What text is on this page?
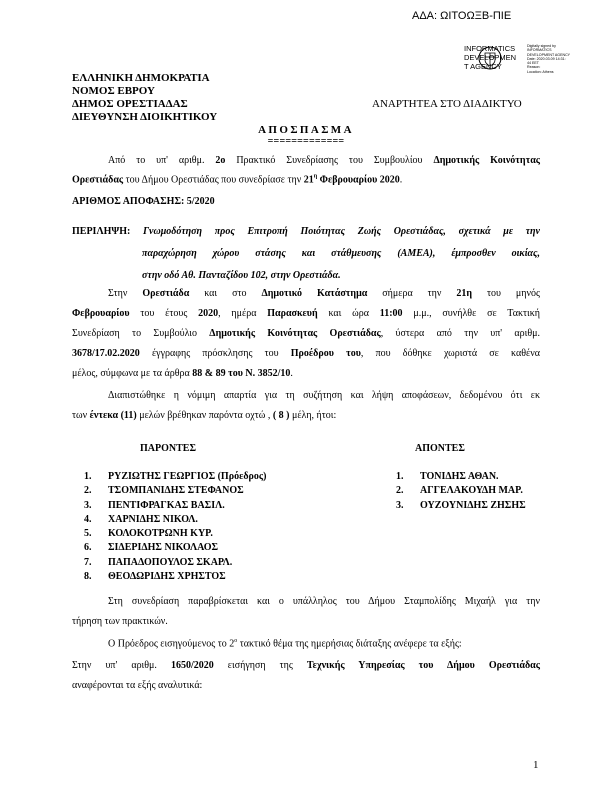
ΑΔΑ: ΩΙΤΟΩΞΒ-ΠΙΕ
INFORMATICS
DEVELOPMEN
T AGENCY
Digitally signed by
INFORMATICS
DEVELOPMENT AGENCY
Date: 2020.03.09 14:31:
44 EET
Reason:
Location: Athens
ΕΛΛΗΝΙΚΗ ΔΗΜΟΚΡΑΤΙΑ
ΝΟΜΟΣ ΕΒΡΟΥ
ΔΗΜΟΣ ΟΡΕΣΤΙΑΔΑΣ
ΔΙΕΥΘΥΝΣΗ ΔΙΟΙΚΗΤΙΚΟΥ
ΑΝΑΡΤΗΤΕΑ ΣΤΟ ΔΙΑΔΙΚΤΥΟ
ΑΠΟΣΠΑΣΜΑ
=============
Από το υπ' αριθμ. 2ο Πρακτικό Συνεδρίασης του Συμβουλίου Δημοτικής Κοινότητας
Ορεστιάδας του Δήμου Ορεστιάδας που συνεδρίασε την $21^\eta$ Φεβρουαρίου 2020.
ΑΡΙΘΜΟΣ ΑΠΟΦΑΣΗΣ: 5/2020
ΠΕΡΙΛΗΨΗ: Γνωμοδότηση προς Επιτροπή Ποιότητας Ζωής Ορεστιάδας, σχετικά με την
παραχώρηση χώρου στάσης και στάθμευσης (ΑΜΕΑ), έμπροσθεν οικίας,
στην οδό Αθ. Πανταζίδου 102, στην Ορεστιάδα.
Στην Ορεστιάδα και στο Δημοτικό Κατάστημα σήμερα την 21η του μηνός
Φεβρουαρίου του έτους 2020, ημέρα Παρασκευή και ώρα 11:00 μ.μ., συνήλθε σε Τακτική
Συνεδρίαση το Συμβούλιο Δημοτικής Κοινότητας Ορεστιάδας, ύστερα από την υπ' αριθμ.
3678/17.02.2020 έγγραφης πρόσκλησης του Προέδρου του, που δόθηκε χωριστά σε καθένα
μέλος, σύμφωνα με τα άρθρα 88 & 89 του Ν. 3852/10.
Διαπιστώθηκε η νόμιμη απαρτία για τη συζήτηση και λήψη αποφάσεων, δεδομένου ότι εκ
των έντεκα (11) μελών βρέθηκαν παρόντα οχτώ , ( 8 ) μέλη, ήτοι:
ΠΑΡΟΝΤΕΣ	ΑΠΟΝΤΕΣ
1. ΡΥΖΙΩΤΗΣ ΓΕΩΡΓΙΟΣ (Πρόεδρος)
2. ΤΣΟΜΠΑΝΙΔΗΣ ΣΤΕΦΑΝΟΣ
3. ΠΕΝΤΙΦΡΑΓΚΑΣ ΒΑΣΙΛ.
4. ΧΑΡΝΙΔΗΣ ΝΙΚΟΛ.
5. ΚΟΛΟΚΟΤΡΩΝΗ ΚΥΡ.
6. ΣΙΔΕΡΙΔΗΣ ΝΙΚΟΛΑΟΣ
7. ΠΑΠΑΔΟΠΟΥΛΟΣ ΣΚΑΡΛ.
8. ΘΕΟΔΩΡΙΔΗΣ ΧΡΗΣΤΟΣ
1. ΤΟΝΙΔΗΣ ΑΘΑΝ.
2. ΑΓΓΕΛΑΚΟΥΔΗ ΜΑΡ.
3. ΟΥΖΟΥΝΙΔΗΣ ΖΗΣΗΣ
Στη συνεδρίαση παραβρίσκεται και ο υπάλληλος του Δήμου Σταμπολίδης Μιχαήλ για την
τήρηση των πρακτικών.
Ο Πρόεδρος εισηγούμενος το $2^o$ τακτικό θέμα της ημερήσιας διάταξης ανέφερε τα εξής:
Στην υπ' αριθμ. 1650/2020 εισήγηση της Τεχνικής Υπηρεσίας του Δήμου Ορεστιάδας
αναφέρονται τα εξής αναλυτικά:
1
